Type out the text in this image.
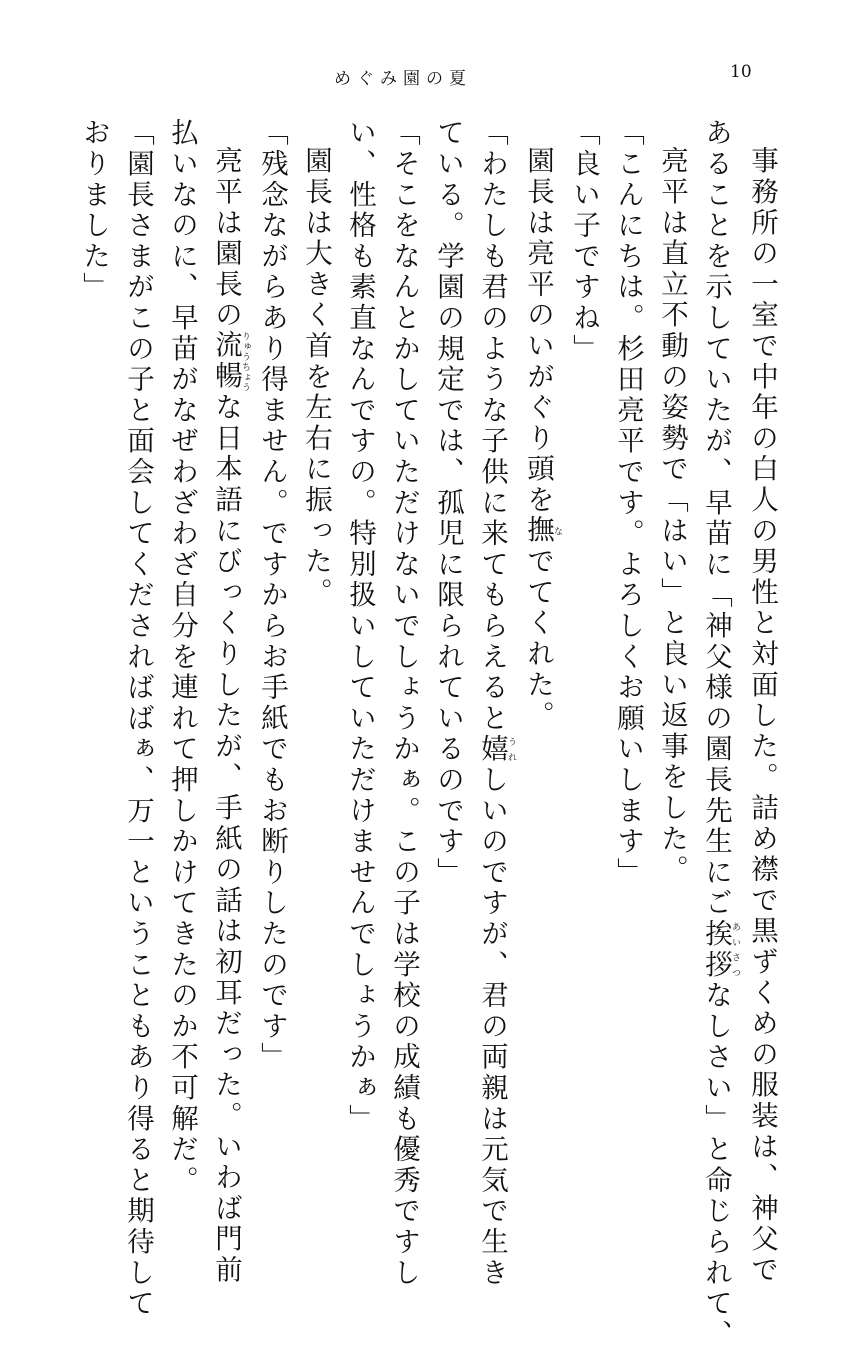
めぐみ園の夏	10

事務所の一室で中年の白人の男性と対面した。詰め襟で黒ずくめの服装は、神父で

あることを示していたが、早苗に「神父様の園長先生にご挨拶あいさつなしさい」と命じられて、

亮平は直立不動の姿勢で「はい」と良い返事をした。

「こんにちは。杉田亮平です。よろしくお願いします」

「良い子ですね」

園長は亮平のいがぐり頭を撫なでてくれた。

「わたしも君のような子供に来てもらえると嬉うれしいのですが、君の両親は元気で生き

ている。学園の規定では、孤児に限られているのです」

「そこをなんとかしていただけないでしょうかぁ。この子は学校の成績も優秀ですし

い、性格も素直なんですの。特別扱いしていただけませんでしょうかぁ」

園長は大きく首を左右に振った。

「残念ながらあり得ません。ですからお手紙でもお断りしたのです」

亮平は園長の流暢りゅうちょうな日本語にびっくりしたが、手紙の話は初耳だった。いわば門前

払いなのに、早苗がなぜわざわざ自分を連れて押しかけてきたのか不可解だ。

「園長さまがこの子と面会してくださればばぁ、万一ということもあり得ると期待して

おりました」
